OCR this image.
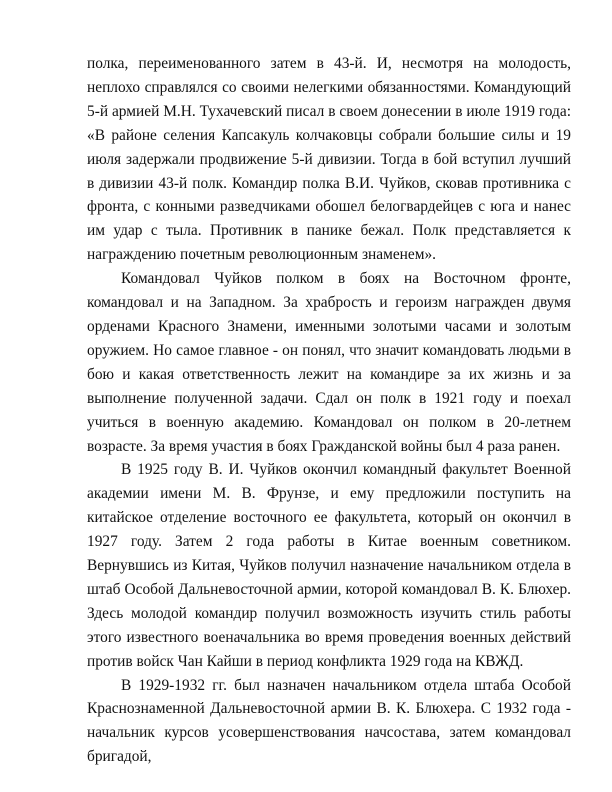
полка, переименованного затем в 43-й. И, несмотря на молодость, неплохо справлялся со своими нелегкими обязанностями. Командующий 5-й армией М.Н. Тухачевский писал в своем донесении в июле 1919 года: «В районе селения Капсакуль колчаковцы собрали большие силы и 19 июля задержали продвижение 5-й дивизии. Тогда в бой вступил лучший в дивизии 43-й полк. Командир полка В.И. Чуйков, сковав противника с фронта, с конными разведчиками обошел белогвардейцев с юга и нанес им удар с тыла. Противник в панике бежал. Полк представляется к награждению почетным революционным знаменем».

Командовал Чуйков полком в боях на Восточном фронте, командовал и на Западном. За храбрость и героизм награжден двумя орденами Красного Знамени, именными золотыми часами и золотым оружием. Но самое главное - он понял, что значит командовать людьми в бою и какая ответственность лежит на командире за их жизнь и за выполнение полученной задачи. Сдал он полк в 1921 году и поехал учиться в военную академию. Командовал он полком в 20-летнем возрасте. За время участия в боях Гражданской войны был 4 раза ранен.

В 1925 году В. И. Чуйков окончил командный факультет Военной академии имени М. В. Фрунзе, и ему предложили поступить на китайское отделение восточного ее факультета, который он окончил в 1927 году. Затем 2 года работы в Китае военным советником. Вернувшись из Китая, Чуйков получил назначение начальником отдела в штаб Особой Дальневосточной армии, которой командовал В. К. Блюхер. Здесь молодой командир получил возможность изучить стиль работы этого известного военачальника во время проведения военных действий против войск Чан Кайши в период конфликта 1929 года на КВЖД.

В 1929-1932 гг. был назначен начальником отдела штаба Особой Краснознаменной Дальневосточной армии В. К. Блюхера. С 1932 года - начальник курсов усовершенствования начсостава, затем командовал бригадой,
